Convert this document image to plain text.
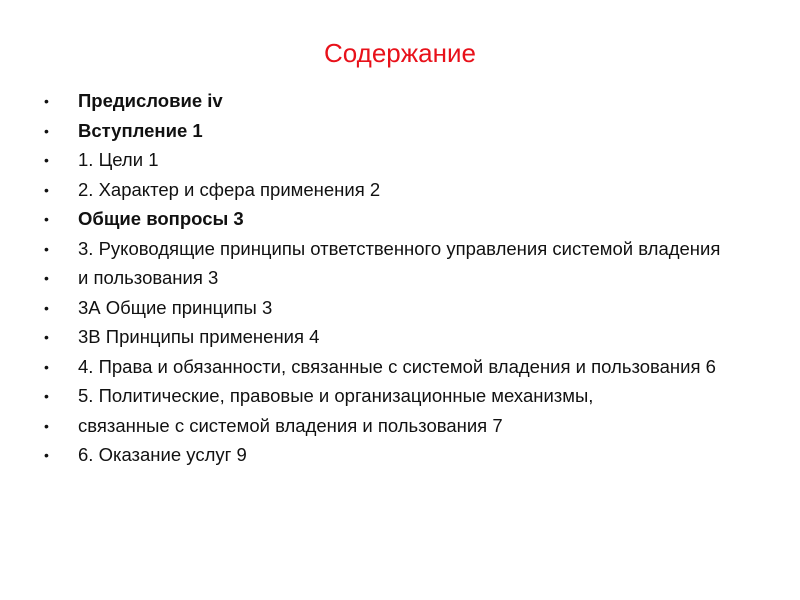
Содержание
•	Предисловие iv
•	Вступление 1
•	1. Цели 1
•	2. Характер и сфера применения 2
•	Общие вопросы 3
•	3. Руководящие принципы ответственного управления системой владения
•	и пользования 3
•	3А Общие принципы 3
•	3В Принципы применения 4
•	4. Права и обязанности, связанные с системой владения и пользования 6
•	5. Политические, правовые и организационные механизмы,
•	связанные с системой владения и пользования 7
•	6. Оказание услуг 9
